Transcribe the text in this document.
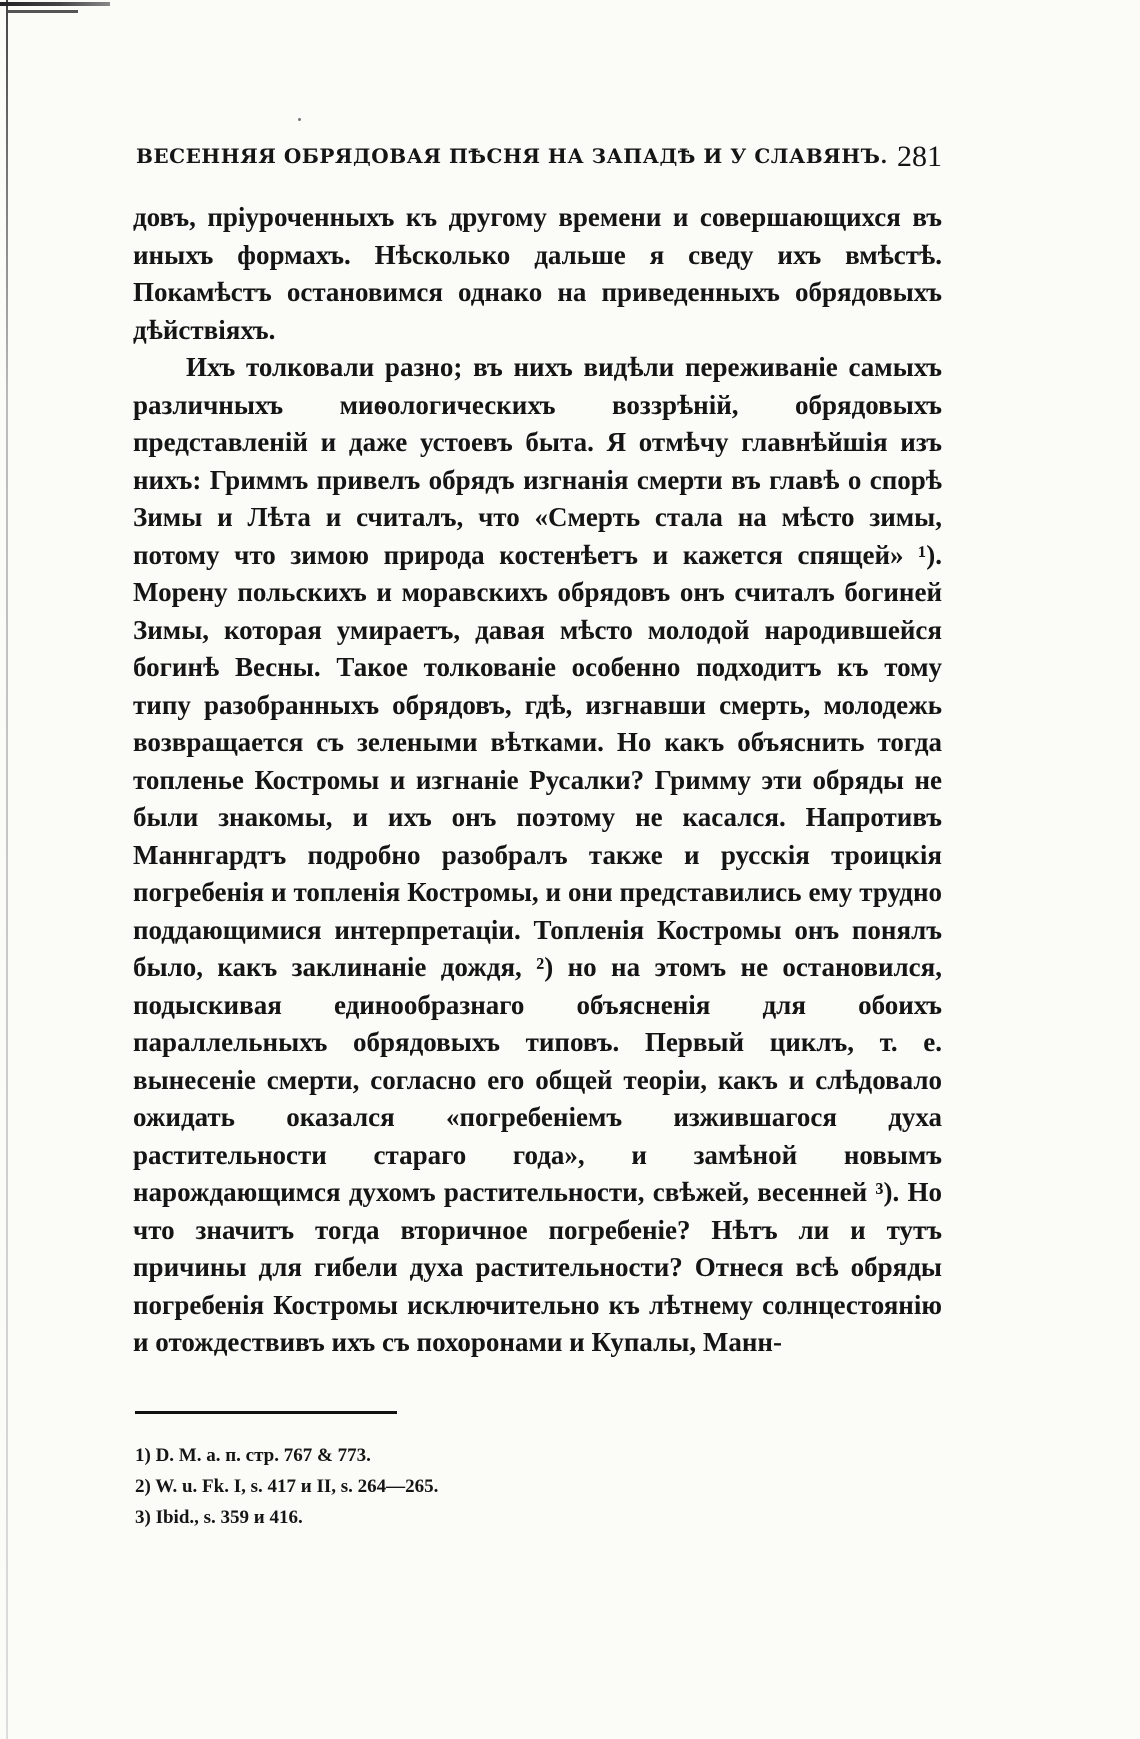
ВЕСЕННЯЯ ОБРЯДОВАЯ ПѢСНЯ НА ЗАПАДѢ И У СЛАВЯНЪ. 281

довъ, пріуроченныхъ къ другому времени и совершающихся въ иныхъ формахъ. Нѣсколько дальше я сведу ихъ вмѣстѣ. Покамѣстъ остановимся однако на приведенныхъ обрядовыхъ дѣйствіяхъ.

Ихъ толковали разно; въ нихъ видѣли переживаніе самыхъ различныхъ миѳологическихъ воззрѣній, обрядовыхъ представленій и даже устоевъ быта. Я отмѣчу главнѣйшія изъ нихъ: Гриммъ привелъ обрядъ изгнанія смерти въ главѣ о спорѣ Зимы и Лѣта и считалъ, что «Смерть стала на мѣсто зимы, потому что зимою природа костенѣетъ и кажется спящей» ¹). Морену польскихъ и моравскихъ обрядовъ онъ считалъ богиней Зимы, которая умираетъ, давая мѣсто молодой народившейся богинѣ Весны. Такое толкованіе особенно подходитъ къ тому типу разобранныхъ обрядовъ, гдѣ, изгнавши смерть, молодежь возвращается съ зелеными вѣтками. Но какъ объяснить тогда топленье Костромы и изгнаніе Русалки? Гримму эти обряды не были знакомы, и ихъ онъ поэтому не касался. Напротивъ Маннгардтъ подробно разобралъ также и русскія троицкія погребенія и топленія Костромы, и они представились ему трудно поддающимися интерпретаціи. Топленія Костромы онъ понялъ было, какъ заклинаніе дождя, ²) но на этомъ не остановился, подыскивая единообразнаго объясненія для обоихъ параллельныхъ обрядовыхъ типовъ. Первый циклъ, т. е. вынесеніе смерти, согласно его общей теоріи, какъ и слѣдовало ожидать оказался «погребеніемъ изжившагося духа растительности стараго года», и замѣной новымъ нарождающимся духомъ растительности, свѣжей, весенней ³). Но что значитъ тогда вторичное погребеніе? Нѣтъ ли и тутъ причины для гибели духа растительности? Отнеся всѣ обряды погребенія Костромы исключительно къ лѣтнему солнцестоянію и отождествивъ ихъ съ похоронами и Купалы, Манн-

1) D. M. a. п. стр. 767 & 773.

2) W. u. Fk. I, s. 417 и II, s. 264—265.

3) Ibid., s. 359 и 416.
